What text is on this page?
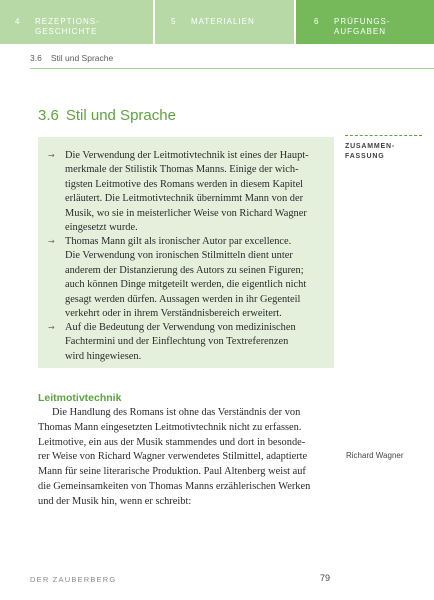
4 REZEPTIONS-
GESCHICHTE
5 MATERIALIEN	6 PRÜFUNGS-
AUFGABEN
3.6 Stil und Sprache
3.6 Stil und Sprache
ZUSAMMEN-
FASSUNG
→ Die Verwendung der Leitmotivtechnik ist eines der Haupt-
merkmale der Stilistik Thomas Manns. Einige der wich-
tigsten Leitmotive des Romans werden in diesem Kapitel
erläutert. Die Leitmotivtechnik übernimmt Mann von der
Musik, wo sie in meisterlicher Weise von Richard Wagner
eingesetzt wurde.
→ Thomas Mann gilt als ironischer Autor par excellence.
Die Verwendung von ironischen Stilmitteln dient unter
anderem der Distanzierung des Autors zu seinen Figuren;
auch können Dinge mitgeteilt werden, die eigentlich nicht
gesagt werden dürfen. Aussagen werden in ihr Gegenteil
verkehrt oder in ihrem Verständnisbereich erweitert.
→ Auf die Bedeutung der Verwendung von medizinischen
Fachtermini und der Einflechtung von Textreferenzen
wird hingewiesen.
Leitmotivtechnik
Die Handlung des Romans ist ohne das Verständnis der von
Thomas Mann eingesetzten Leitmotivtechnik nicht zu erfassen.
Leitmotive, ein aus der Musik stammendes und dort in besonde-
rer Weise von Richard Wagner verwendetes Stilmittel, adaptierte
Mann für seine literarische Produktion. Paul Altenberg weist auf
die Gemeinsamkeiten von Thomas Manns erzählerischen Werken
und der Musik hin, wenn er schreibt:
Richard Wagner
DER ZAUBERBERG	79
